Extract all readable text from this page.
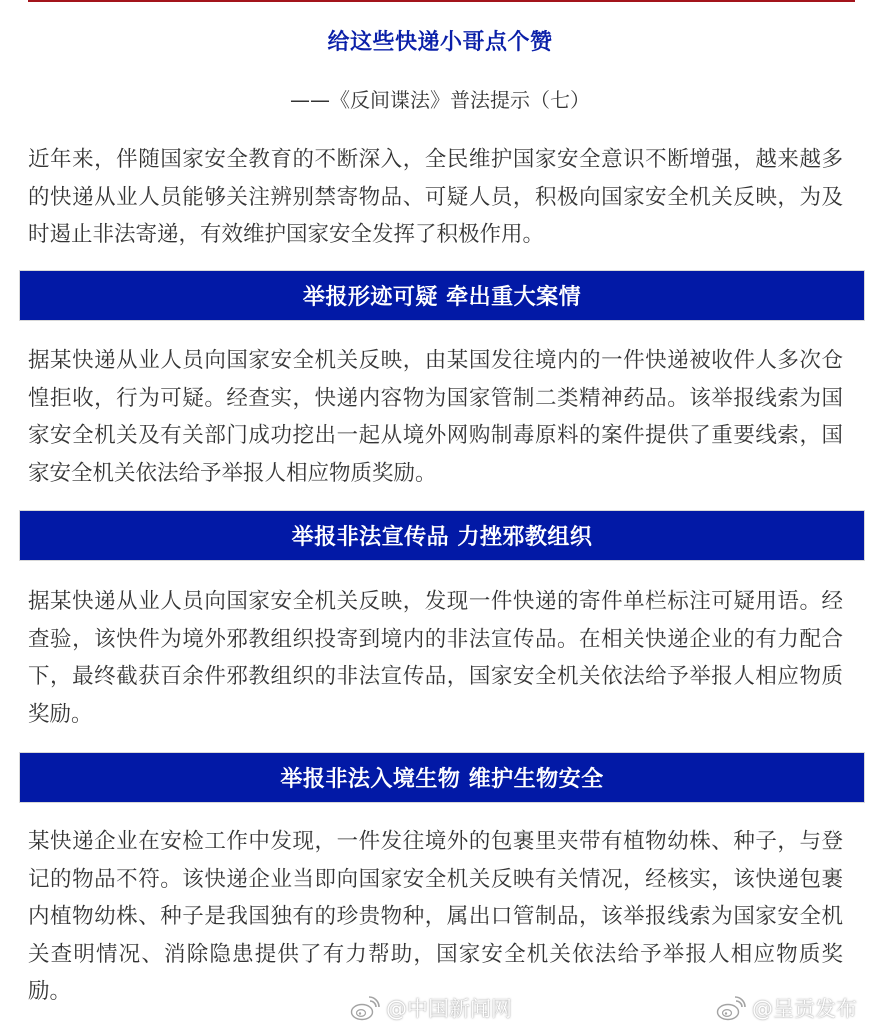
给这些快递小哥点个赞
——《反间谍法》普法提示（七）

近年来，伴随国家安全教育的不断深入，全民维护国家安全意识不断增强，越来越多的快递从业人员能够关注辨别禁寄物品、可疑人员，积极向国家安全机关反映，为及时遏止非法寄递，有效维护国家安全发挥了积极作用。

举报形迹可疑 牵出重大案情

据某快递从业人员向国家安全机关反映，由某国发往境内的一件快递被收件人多次仓惶拒收，行为可疑。经查实，快递内容物为国家管制二类精神药品。该举报线索为国家安全机关及有关部门成功挖出一起从境外网购制毒原料的案件提供了重要线索，国家安全机关依法给予举报人相应物质奖励。

举报非法宣传品 力挫邪教组织

据某快递从业人员向国家安全机关反映，发现一件快递的寄件单栏标注可疑用语。经查验，该快件为境外邪教组织投寄到境内的非法宣传品。在相关快递企业的有力配合下，最终截获百余件邪教组织的非法宣传品，国家安全机关依法给予举报人相应物质奖励。

举报非法入境生物 维护生物安全

某快递企业在安检工作中发现，一件发往境外的包裹里夹带有植物幼株、种子，与登记的物品不符。该快递企业当即向国家安全机关反映有关情况，经核实，该快递包裹内植物幼株、种子是我国独有的珍贵物种，属出口管制品，该举报线索为国家安全机关查明情况、消除隐患提供了有力帮助，国家安全机关依法给予举报人相应物质奖励。

@中国新闻网	@呈贡发布
